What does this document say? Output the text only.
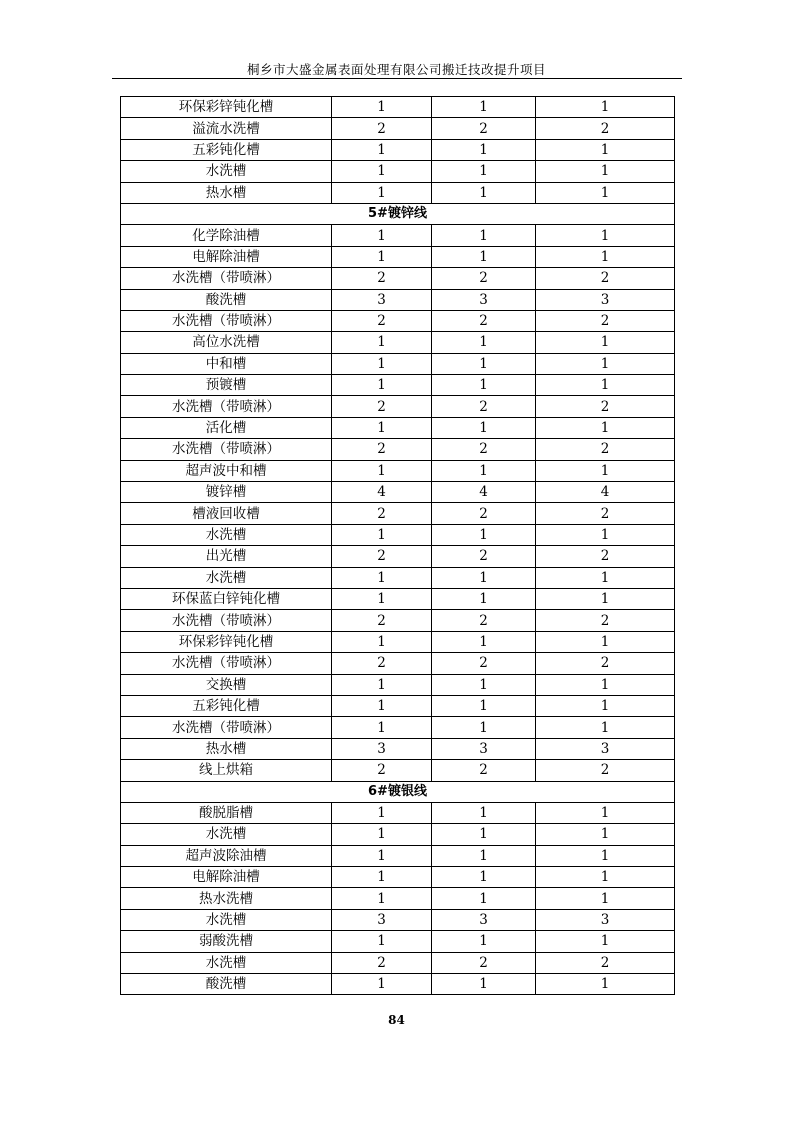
桐乡市大盛金属表面处理有限公司搬迁技改提升项目
环保彩锌钝化槽	1	1	1
溢流水洗槽	2	2	2
五彩钝化槽	1	1	1
水洗槽	1	1	1
热水槽	1	1	1
5#镀锌线			
化学除油槽	1	1	1
电解除油槽	1	1	1
水洗槽（带喷淋）	2	2	2
酸洗槽	3	3	3
水洗槽（带喷淋）	2	2	2
高位水洗槽	1	1	1
中和槽	1	1	1
预镀槽	1	1	1
水洗槽（带喷淋）	2	2	2
活化槽	1	1	1
水洗槽（带喷淋）	2	2	2
超声波中和槽	1	1	1
镀锌槽	4	4	4
槽液回收槽	2	2	2
水洗槽	1	1	1
出光槽	2	2	2
水洗槽	1	1	1
环保蓝白锌钝化槽	1	1	1
水洗槽（带喷淋）	2	2	2
环保彩锌钝化槽	1	1	1
水洗槽（带喷淋）	2	2	2
交换槽	1	1	1
五彩钝化槽	1	1	1
水洗槽（带喷淋）	1	1	1
热水槽	3	3	3
线上烘箱	2	2	2
6#镀银线			
酸脱脂槽	1	1	1
水洗槽	1	1	1
超声波除油槽	1	1	1
电解除油槽	1	1	1
热水洗槽	1	1	1
水洗槽	3	3	3
弱酸洗槽	1	1	1
水洗槽	2	2	2
酸洗槽	1	1	1
84
